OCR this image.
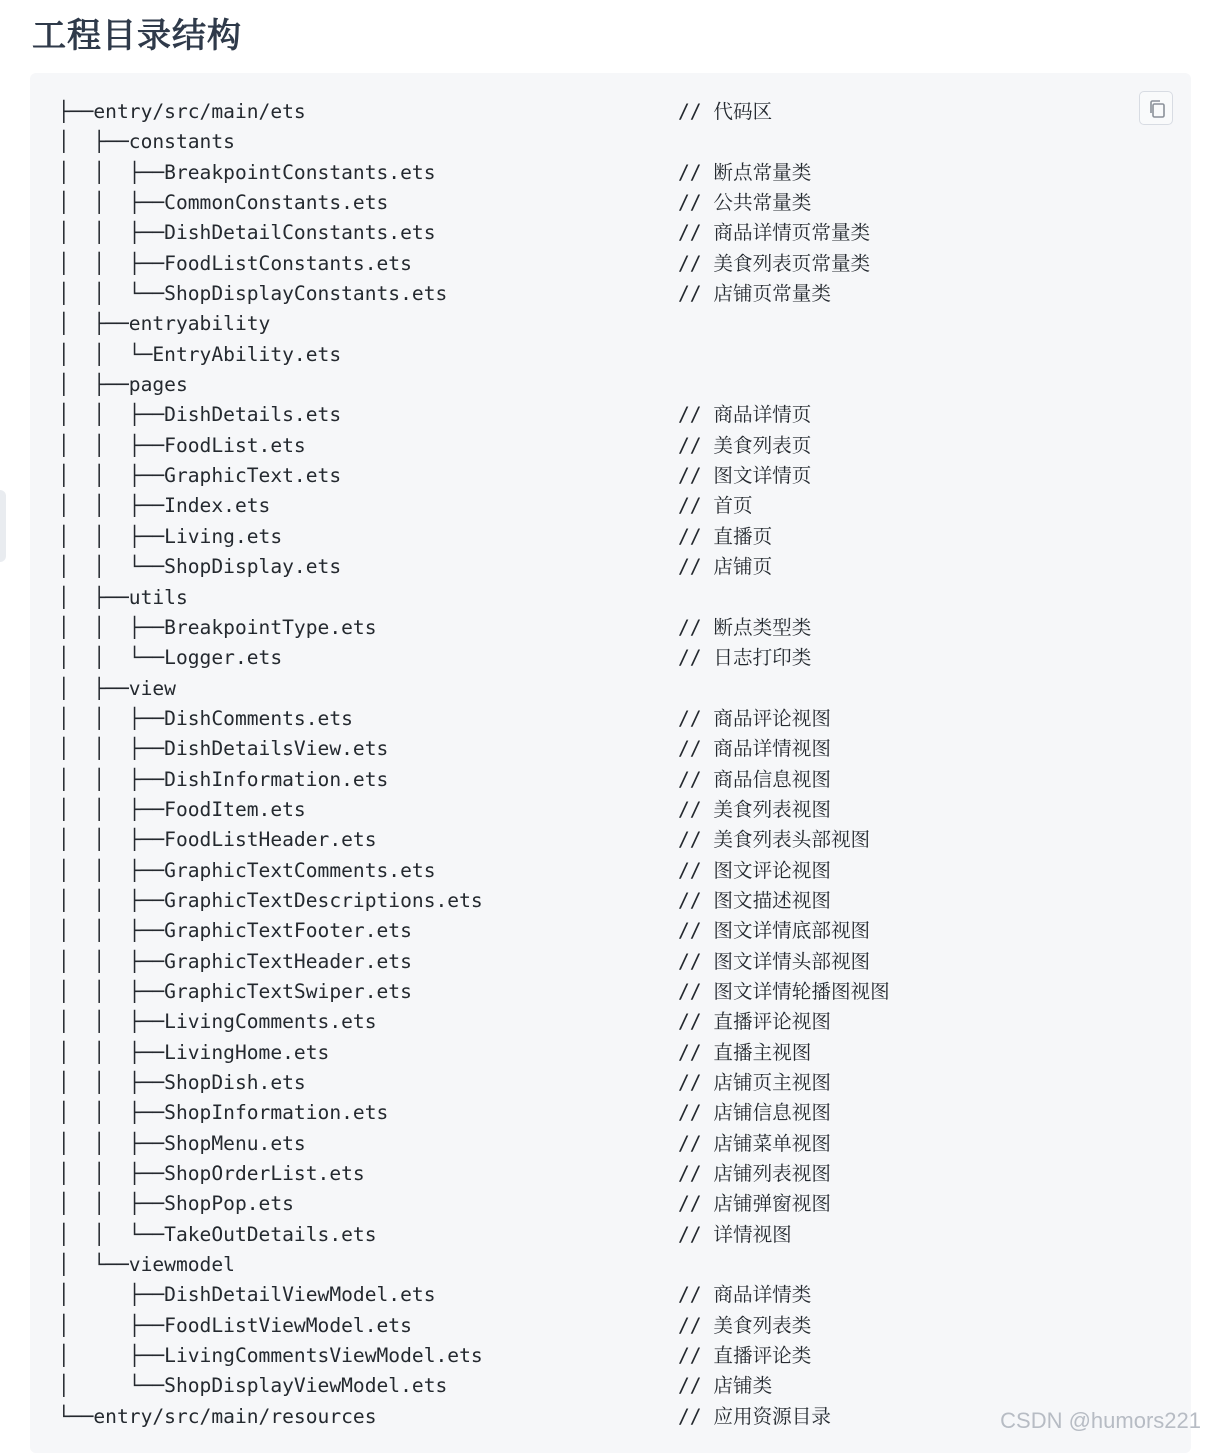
工程目录结构
├──entry/src/main/ets	// 代码区
│  ├──constants
│  │  ├──BreakpointConstants.ets	// 断点常量类
│  │  ├──CommonConstants.ets	// 公共常量类
│  │  ├──DishDetailConstants.ets	// 商品详情页常量类
│  │  ├──FoodListConstants.ets	// 美食列表页常量类
│  │  └──ShopDisplayConstants.ets	// 店铺页常量类
│  ├──entryability
│  │  └─EntryAbility.ets
│  ├──pages
│  │  ├──DishDetails.ets	// 商品详情页
│  │  ├──FoodList.ets	// 美食列表页
│  │  ├──GraphicText.ets	// 图文详情页
│  │  ├──Index.ets	// 首页
│  │  ├──Living.ets	// 直播页
│  │  └──ShopDisplay.ets	// 店铺页
│  ├──utils
│  │  ├──BreakpointType.ets	// 断点类型类
│  │  └──Logger.ets	// 日志打印类
│  ├──view
│  │  ├──DishComments.ets	// 商品评论视图
│  │  ├──DishDetailsView.ets	// 商品详情视图
│  │  ├──DishInformation.ets	// 商品信息视图
│  │  ├──FoodItem.ets	// 美食列表视图
│  │  ├──FoodListHeader.ets	// 美食列表头部视图
│  │  ├──GraphicTextComments.ets	// 图文评论视图
│  │  ├──GraphicTextDescriptions.ets	// 图文描述视图
│  │  ├──GraphicTextFooter.ets	// 图文详情底部视图
│  │  ├──GraphicTextHeader.ets	// 图文详情头部视图
│  │  ├──GraphicTextSwiper.ets	// 图文详情轮播图视图
│  │  ├──LivingComments.ets	// 直播评论视图
│  │  ├──LivingHome.ets	// 直播主视图
│  │  ├──ShopDish.ets	// 店铺页主视图
│  │  ├──ShopInformation.ets	// 店铺信息视图
│  │  ├──ShopMenu.ets	// 店铺菜单视图
│  │  ├──ShopOrderList.ets	// 店铺列表视图
│  │  ├──ShopPop.ets	// 店铺弹窗视图
│  │  └──TakeOutDetails.ets	// 详情视图
│  └──viewmodel
│     ├──DishDetailViewModel.ets	// 商品详情类
│     ├──FoodListViewModel.ets	// 美食列表类
│     ├──LivingCommentsViewModel.ets	// 直播评论类
│     └──ShopDisplayViewModel.ets	// 店铺类
└──entry/src/main/resources	// 应用资源目录	CSDN @humors221
